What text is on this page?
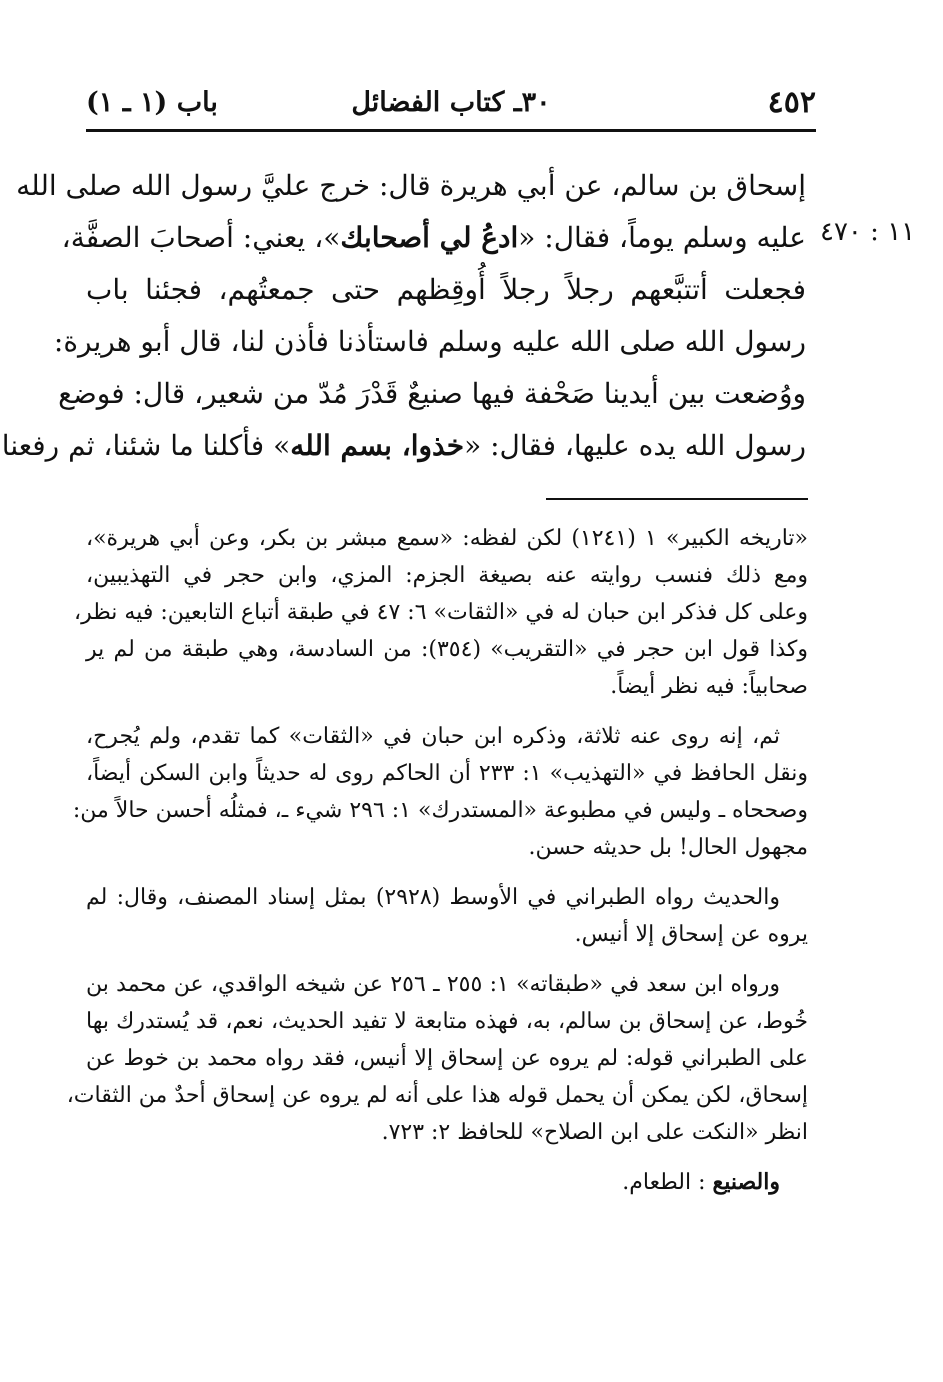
٤٥٢
٣٠ـ كتاب الفضائل
باب (١ ـ ١)
١١ : ٤٧٠
إسحاق بن سالم، عن أبي هريرة قال: خرج عليَّ رسول الله صلى الله
عليه وسلم يوماً، فقال: «ادعُ لي أصحابك»، يعني: أصحابَ الصفَّة،
فجعلت أتتبَّعهم رجلاً رجلاً أُوقِظهم حتى جمعتُهم، فجئنا باب
رسول الله صلى الله عليه وسلم فاستأذنا فأذن لنا، قال أبو هريرة:
ووُضعت بين أيدينا صَحْفة فيها صنيعٌ قَدْرَ مُدّ من شعير، قال: فوضع
رسول الله يده عليها، فقال: «خذوا، بسم الله» فأكلنا ما شئنا، ثم رفعنا
«تاريخه الكبير» ١ (١٢٤١) لكن لفظه: «سمع مبشر بن بكر، وعن أبي هريرة»،
ومع ذلك فنسب روايته عنه بصيغة الجزم: المزي، وابن حجر في التهذيبين،
وعلى كل فذكر ابن حبان له في «الثقات» ٦: ٤٧ في طبقة أتباع التابعين: فيه نظر،
وكذا قول ابن حجر في «التقريب» (٣٥٤): من السادسة، وهي طبقة من لم ير
صحابياً: فيه نظر أيضاً.
ثم، إنه روى عنه ثلاثة، وذكره ابن حبان في «الثقات» كما تقدم، ولم يُجرح،
ونقل الحافظ في «التهذيب» ١: ٢٣٣ أن الحاكم روى له حديثاً وابن السكن أيضاً،
وصححاه ـ وليس في مطبوعة «المستدرك» ١: ٢٩٦ شيء ـ، فمثلُه أحسن حالاً من:
مجهول الحال! بل حديثه حسن.
والحديث رواه الطبراني في الأوسط (٢٩٢٨) بمثل إسناد المصنف، وقال: لم
يروه عن إسحاق إلا أنيس.
ورواه ابن سعد في «طبقاته» ١: ٢٥٥ ـ ٢٥٦ عن شيخه الواقدي، عن محمد بن
خُوط، عن إسحاق بن سالم، به، فهذه متابعة لا تفيد الحديث، نعم، قد يُستدرك بها
على الطبراني قوله: لم يروه عن إسحاق إلا أنيس، فقد رواه محمد بن خوط عن
إسحاق، لكن يمكن أن يحمل قوله هذا على أنه لم يروه عن إسحاق أحدٌ من الثقات،
انظر «النكت على ابن الصلاح» للحافظ ٢: ٧٢٣.
والصنيع : الطعام.
